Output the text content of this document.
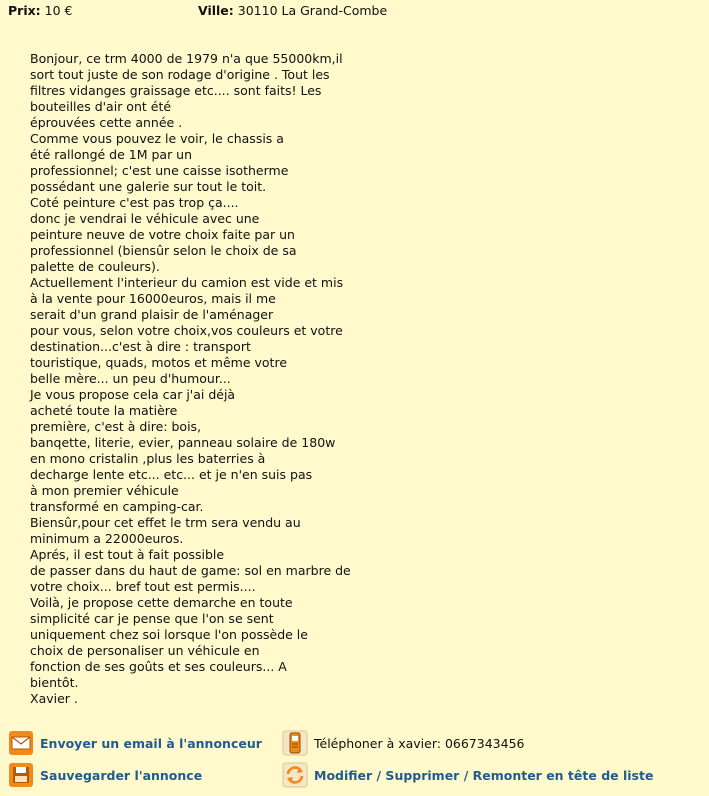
Prix: 10 €	Ville: 30110 La Grand-Combe
Bonjour, ce trm 4000 de 1979 n'a que 55000km,il
sort tout juste de son rodage d'origine . Tout les
filtres vidanges graissage etc.... sont faits! Les
bouteilles d'air ont été
éprouvées cette année .
Comme vous pouvez le voir, le chassis a
été rallongé de 1M par un
professionnel; c'est une caisse isotherme
possédant une galerie sur tout le toit.
Coté peinture c'est pas trop ça....
donc je vendrai le véhicule avec une
peinture neuve de votre choix faite par un
professionnel (biensûr selon le choix de sa
palette de couleurs).
Actuellement l'interieur du camion est vide et mis
à la vente pour 16000euros, mais il me
serait d'un grand plaisir de l'aménager
pour vous, selon votre choix,vos couleurs et votre
destination...c'est à dire : transport
touristique, quads, motos et même votre
belle mère... un peu d'humour...
Je vous propose cela car j'ai déjà
acheté toute la matière
première, c'est à dire: bois,
banqette, literie, evier, panneau solaire de 180w
en mono cristalin ,plus les baterries à
decharge lente etc... etc... et je n'en suis pas
à mon premier véhicule
transformé en camping-car.
Biensûr,pour cet effet le trm sera vendu au
minimum a 22000euros.
Aprés, il est tout à fait possible
de passer dans du haut de game: sol en marbre de
votre choix... bref tout est permis....
Voilà, je propose cette demarche en toute
simplicité car je pense que l'on se sent
uniquement chez soi lorsque l'on possède le
choix de personaliser un véhicule en
fonction de ses goûts et ses couleurs... A
bientôt.
Xavier .
Envoyer un email à l'annonceur	Téléphoner à xavier: 0667343456
Sauvegarder l'annonce	Modifier / Supprimer / Remonter en tête de liste
